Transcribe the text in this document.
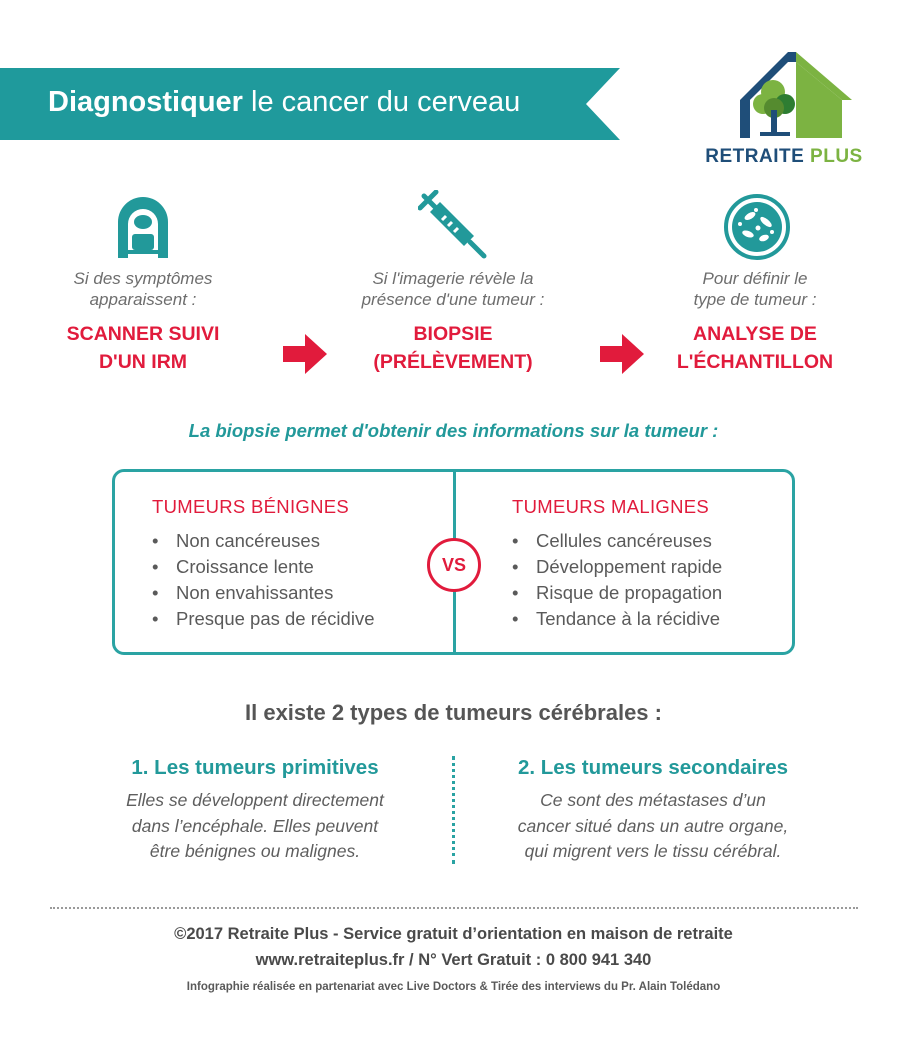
Diagnostiquer le cancer du cerveau
RETRAITE PLUS
Si des symptômes
apparaissent :
SCANNER SUIVI
D'UN IRM
Si l'imagerie révèle la
présence d'une tumeur :
BIOPSIE
(PRÉLÈVEMENT)
Pour définir le
type de tumeur :
ANALYSE DE
L'ÉCHANTILLON
La biopsie permet d'obtenir des informations sur la tumeur :
TUMEURS BÉNIGNES
• Non cancéreuses
• Croissance lente
• Non envahissantes
• Presque pas de récidive
VS
TUMEURS MALIGNES
• Cellules cancéreuses
• Développement rapide
• Risque de propagation
• Tendance à la récidive
Il existe 2 types de tumeurs cérébrales :
1. Les tumeurs primitives
Elles se développent directement
dans l’encéphale. Elles peuvent
être bénignes ou malignes.
2. Les tumeurs secondaires
Ce sont des métastases d’un
cancer situé dans un autre organe,
qui migrent vers le tissu cérébral.
©2017 Retraite Plus - Service gratuit d’orientation en maison de retraite
www.retraiteplus.fr / N° Vert Gratuit : 0 800 941 340
Infographie réalisée en partenariat avec Live Doctors & Tirée des interviews du Pr. Alain Tolédano
